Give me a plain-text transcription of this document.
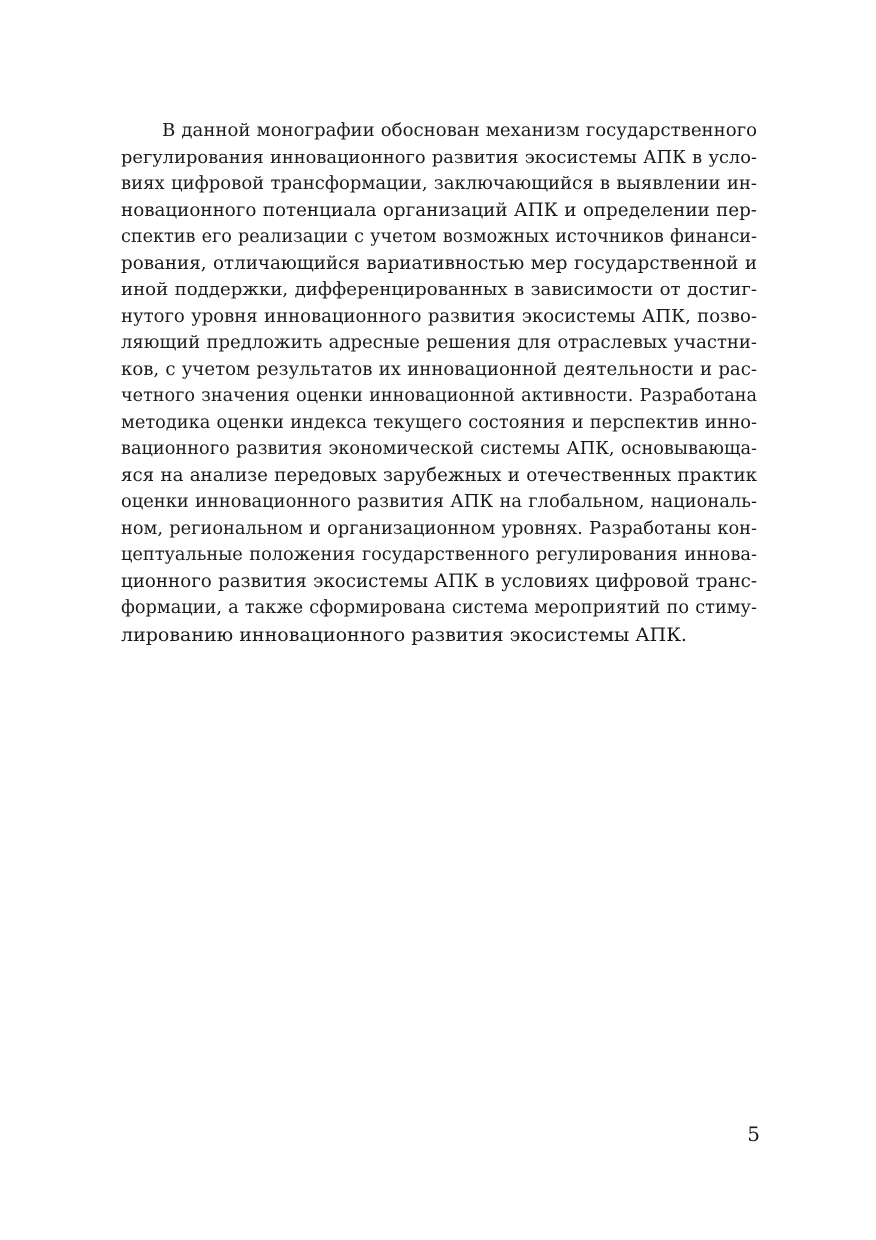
В данной монографии обоснован механизм государственного
регулирования инновационного развития экосистемы АПК в усло-
виях цифровой трансформации, заключающийся в выявлении ин-
новационного потенциала организаций АПК и определении пер-
спектив его реализации с учетом возможных источников финанси-
рования, отличающийся вариативностью мер государственной и
иной поддержки, дифференцированных в зависимости от достиг-
нутого уровня инновационного развития экосистемы АПК, позво-
ляющий предложить адресные решения для отраслевых участни-
ков, с учетом результатов их инновационной деятельности и рас-
четного значения оценки инновационной активности. Разработана
методика оценки индекса текущего состояния и перспектив инно-
вационного развития экономической системы АПК, основывающа-
яся на анализе передовых зарубежных и отечественных практик
оценки инновационного развития АПК на глобальном, националь-
ном, региональном и организационном уровнях. Разработаны кон-
цептуальные положения государственного регулирования иннова-
ционного развития экосистемы АПК в условиях цифровой транс-
формации, а также сформирована система мероприятий по стиму-
лированию инновационного развития экосистемы АПК.

5
